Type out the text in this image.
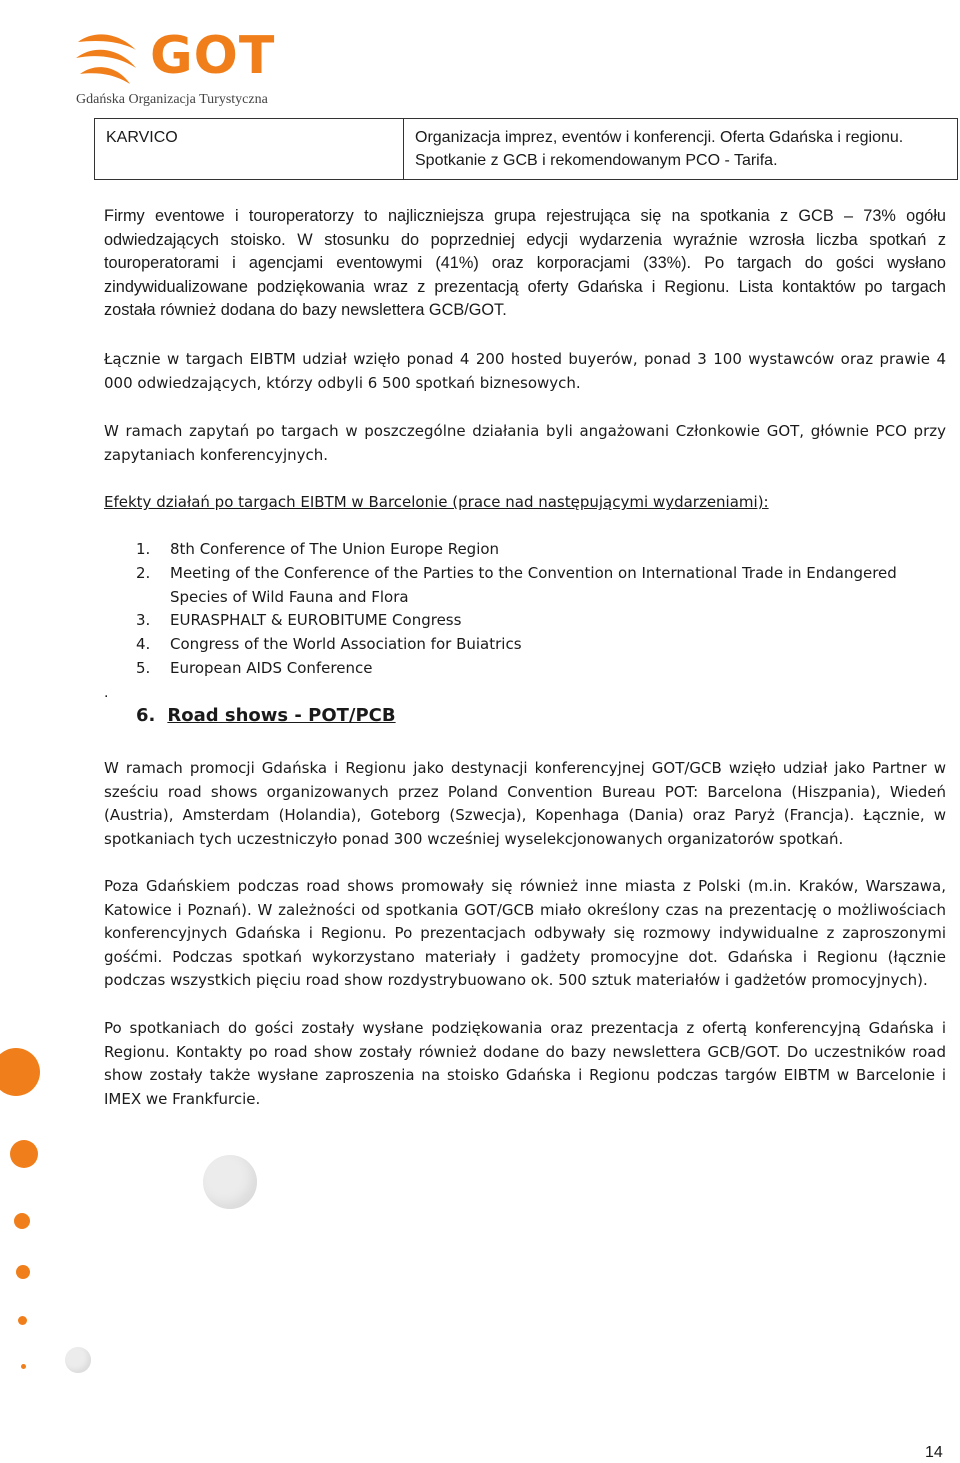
GOT
Gdańska Organizacja Turystyczna
KARVICO	Organizacja imprez, eventów i konferencji. Oferta Gdańska i regionu. Spotkanie z GCB i rekomendowanym PCO - Tarifa.
Firmy eventowe i touroperatorzy to najliczniejsza grupa rejestrująca się na spotkania z GCB – 73% ogółu odwiedzających stoisko. W stosunku do poprzedniej edycji wydarzenia wyraźnie wzrosła liczba spotkań z touroperatorami i agencjami eventowymi (41%) oraz korporacjami (33%). Po targach do gości wysłano zindywidualizowane podziękowania wraz z prezentacją oferty Gdańska i Regionu. Lista kontaktów po targach została również dodana do bazy newslettera GCB/GOT.

Łącznie w targach EIBTM udział wzięło ponad 4 200 hosted buyerów, ponad 3 100 wystawców oraz prawie 4 000 odwiedzających, którzy odbyli 6 500 spotkań biznesowych.

W ramach zapytań po targach w poszczególne działania byli angażowani Członkowie GOT, głównie PCO przy zapytaniach konferencyjnych.

Efekty działań po targach EIBTM w Barcelonie (prace nad następującymi wydarzeniami):

1. 8th Conference of The Union Europe Region
2. Meeting of the Conference of the Parties to the Convention on International Trade in Endangered Species of Wild Fauna and Flora
3. EURASPHALT & EUROBITUME Congress
4. Congress of the World Association for Buiatrics
5. European AIDS Conference
.
6. Road shows - POT/PCB

W ramach promocji Gdańska i Regionu jako destynacji konferencyjnej GOT/GCB wzięło udział jako Partner w sześciu road shows organizowanych przez Poland Convention Bureau POT: Barcelona (Hiszpania), Wiedeń (Austria), Amsterdam (Holandia), Goteborg (Szwecja), Kopenhaga (Dania) oraz Paryż (Francja). Łącznie, w spotkaniach tych uczestniczyło ponad 300 wcześniej wyselekcjonowanych organizatorów spotkań.

Poza Gdańskiem podczas road shows promowały się również inne miasta z Polski (m.in. Kraków, Warszawa, Katowice i Poznań). W zależności od spotkania GOT/GCB miało określony czas na prezentację o możliwościach konferencyjnych Gdańska i Regionu. Po prezentacjach odbywały się rozmowy indywidualne z zaproszonymi gośćmi. Podczas spotkań wykorzystano materiały i gadżety promocyjne dot. Gdańska i Regionu (łącznie podczas wszystkich pięciu road show rozdystrybuowano ok. 500 sztuk materiałów i gadżetów promocyjnych).

Po spotkaniach do gości zostały wysłane podziękowania oraz prezentacja z ofertą konferencyjną Gdańska i Regionu. Kontakty po road show zostały również dodane do bazy newslettera GCB/GOT. Do uczestników road show zostały także wysłane zaproszenia na stoisko Gdańska i Regionu podczas targów EIBTM w Barcelonie i IMEX we Frankfurcie.

14
